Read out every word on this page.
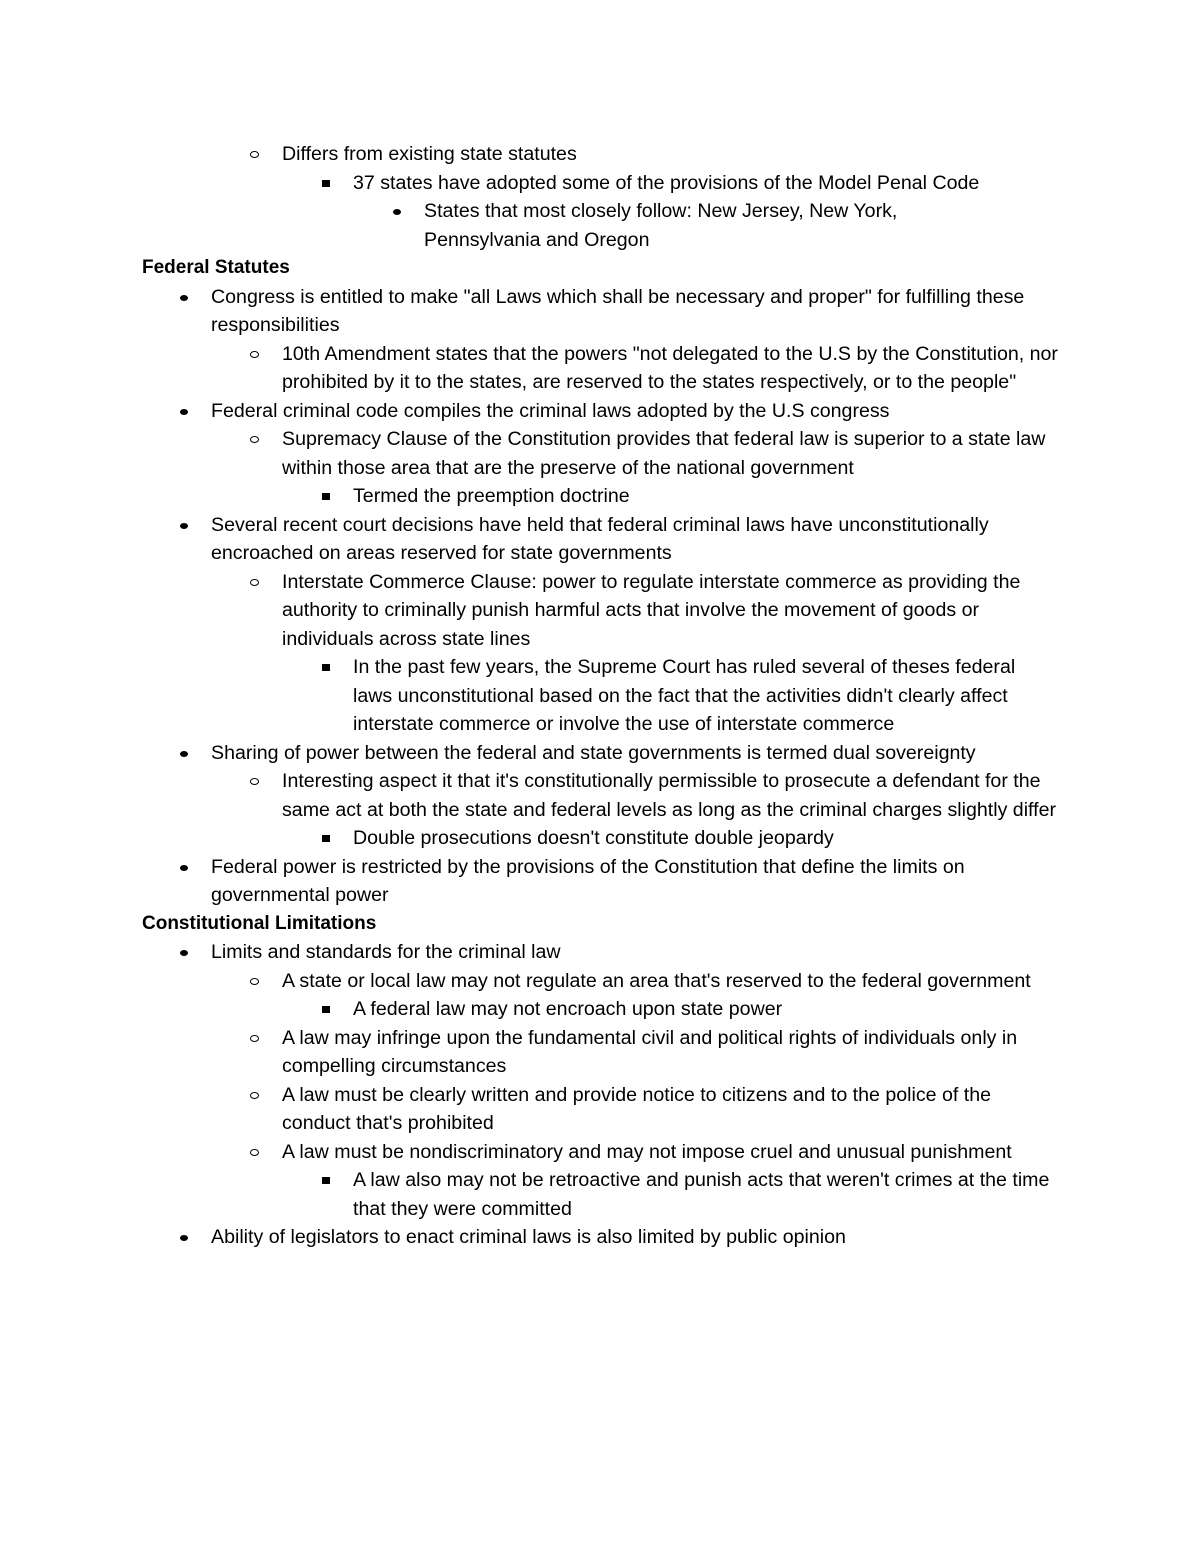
Differs from existing state statutes
37 states have adopted some of the provisions of the Model Penal Code
States that most closely follow: New Jersey, New York, Pennsylvania and Oregon
Federal Statutes
Congress is entitled to make "all Laws which shall be necessary and proper" for fulfilling these responsibilities
10th Amendment states that the powers "not delegated to the U.S by the Constitution, nor prohibited by it to the states, are reserved to the states respectively, or to the people"
Federal criminal code compiles the criminal laws adopted by the U.S congress
Supremacy Clause of the Constitution provides that federal law is superior to a state law within those area that are the preserve of the national government
Termed the preemption doctrine
Several recent court decisions have held that federal criminal laws have unconstitutionally encroached on areas reserved for state governments
Interstate Commerce Clause: power to regulate interstate commerce as providing the authority to criminally punish harmful acts that involve the movement of goods or individuals across state lines
In the past few years, the Supreme Court has ruled several of theses federal laws unconstitutional based on the fact that the activities didn't clearly affect interstate commerce or involve the use of interstate commerce
Sharing of power between the federal and state governments is termed dual sovereignty
Interesting aspect it that it's constitutionally permissible to prosecute a defendant for the same act at both the state and federal levels as long as the criminal charges slightly differ
Double prosecutions doesn't constitute double jeopardy
Federal power is restricted by the provisions of the Constitution that define the limits on governmental power
Constitutional Limitations
Limits and standards for the criminal law
A state or local law may not regulate an area that's reserved to the federal government
A federal law may not encroach upon state power
A law may infringe upon the fundamental civil and political rights of individuals only in compelling circumstances
A law must be clearly written and provide notice to citizens and to the police of the conduct that's prohibited
A law must be nondiscriminatory and may not impose cruel and unusual punishment
A law also may not be retroactive and punish acts that weren't crimes at the time that they were committed
Ability of legislators to enact criminal laws is also limited by public opinion
